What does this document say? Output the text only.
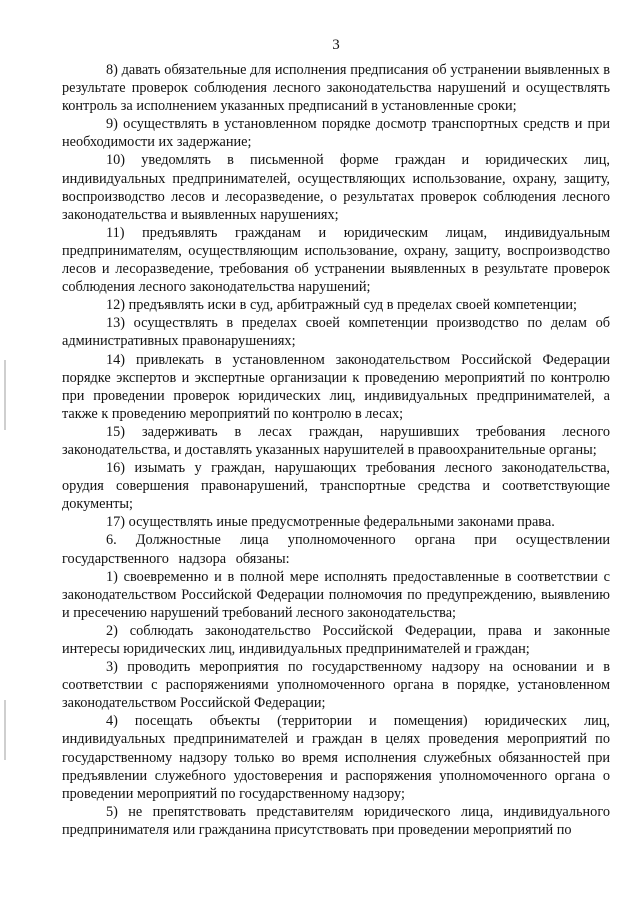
3

8) давать обязательные для исполнения предписания об устранении выявленных в результате проверок соблюдения лесного законодательства нарушений и осуществлять контроль за исполнением указанных предписаний в установленные сроки;

9) осуществлять в установленном порядке досмотр транспортных средств и при необходимости их задержание;

10) уведомлять в письменной форме граждан и юридических лиц, индивидуальных предпринимателей, осуществляющих использование, охрану, защиту, воспроизводство лесов и лесоразведение, о результатах проверок соблюдения лесного законодательства и выявленных нарушениях;

11) предъявлять гражданам и юридическим лицам, индивидуальным предпринимателям, осуществляющим использование, охрану, защиту, воспроизводство лесов и лесоразведение, требования об устранении выявленных в результате проверок соблюдения лесного законодательства нарушений;

12) предъявлять иски в суд, арбитражный суд в пределах своей компетенции;

13) осуществлять в пределах своей компетенции производство по делам об административных правонарушениях;

14) привлекать в установленном законодательством Российской Федерации порядке экспертов и экспертные организации к проведению мероприятий по контролю при проведении проверок юридических лиц, индивидуальных предпринимателей, а также к проведению мероприятий по контролю в лесах;

15) задерживать в лесах граждан, нарушивших требования лесного законодательства, и доставлять указанных нарушителей в правоохранительные органы;

16) изымать у граждан, нарушающих требования лесного законодательства, орудия совершения правонарушений, транспортные средства и соответствующие документы;

17) осуществлять иные предусмотренные федеральными законами права.

6. Должностные лица уполномоченного органа при осуществлении государственного надзора обязаны:

1) своевременно и в полной мере исполнять предоставленные в соответствии с законодательством Российской Федерации полномочия по предупреждению, выявлению и пресечению нарушений требований лесного законодательства;

2) соблюдать законодательство Российской Федерации, права и законные интересы юридических лиц, индивидуальных предпринимателей и граждан;

3) проводить мероприятия по государственному надзору на основании и в соответствии с распоряжениями уполномоченного органа в порядке, установленном законодательством Российской Федерации;

4) посещать объекты (территории и помещения) юридических лиц, индивидуальных предпринимателей и граждан в целях проведения мероприятий по государственному надзору только во время исполнения служебных обязанностей при предъявлении служебного удостоверения и распоряжения уполномоченного органа о проведении мероприятий по государственному надзору;

5) не препятствовать представителям юридического лица, индивидуального предпринимателя или гражданина присутствовать при проведении мероприятий по
